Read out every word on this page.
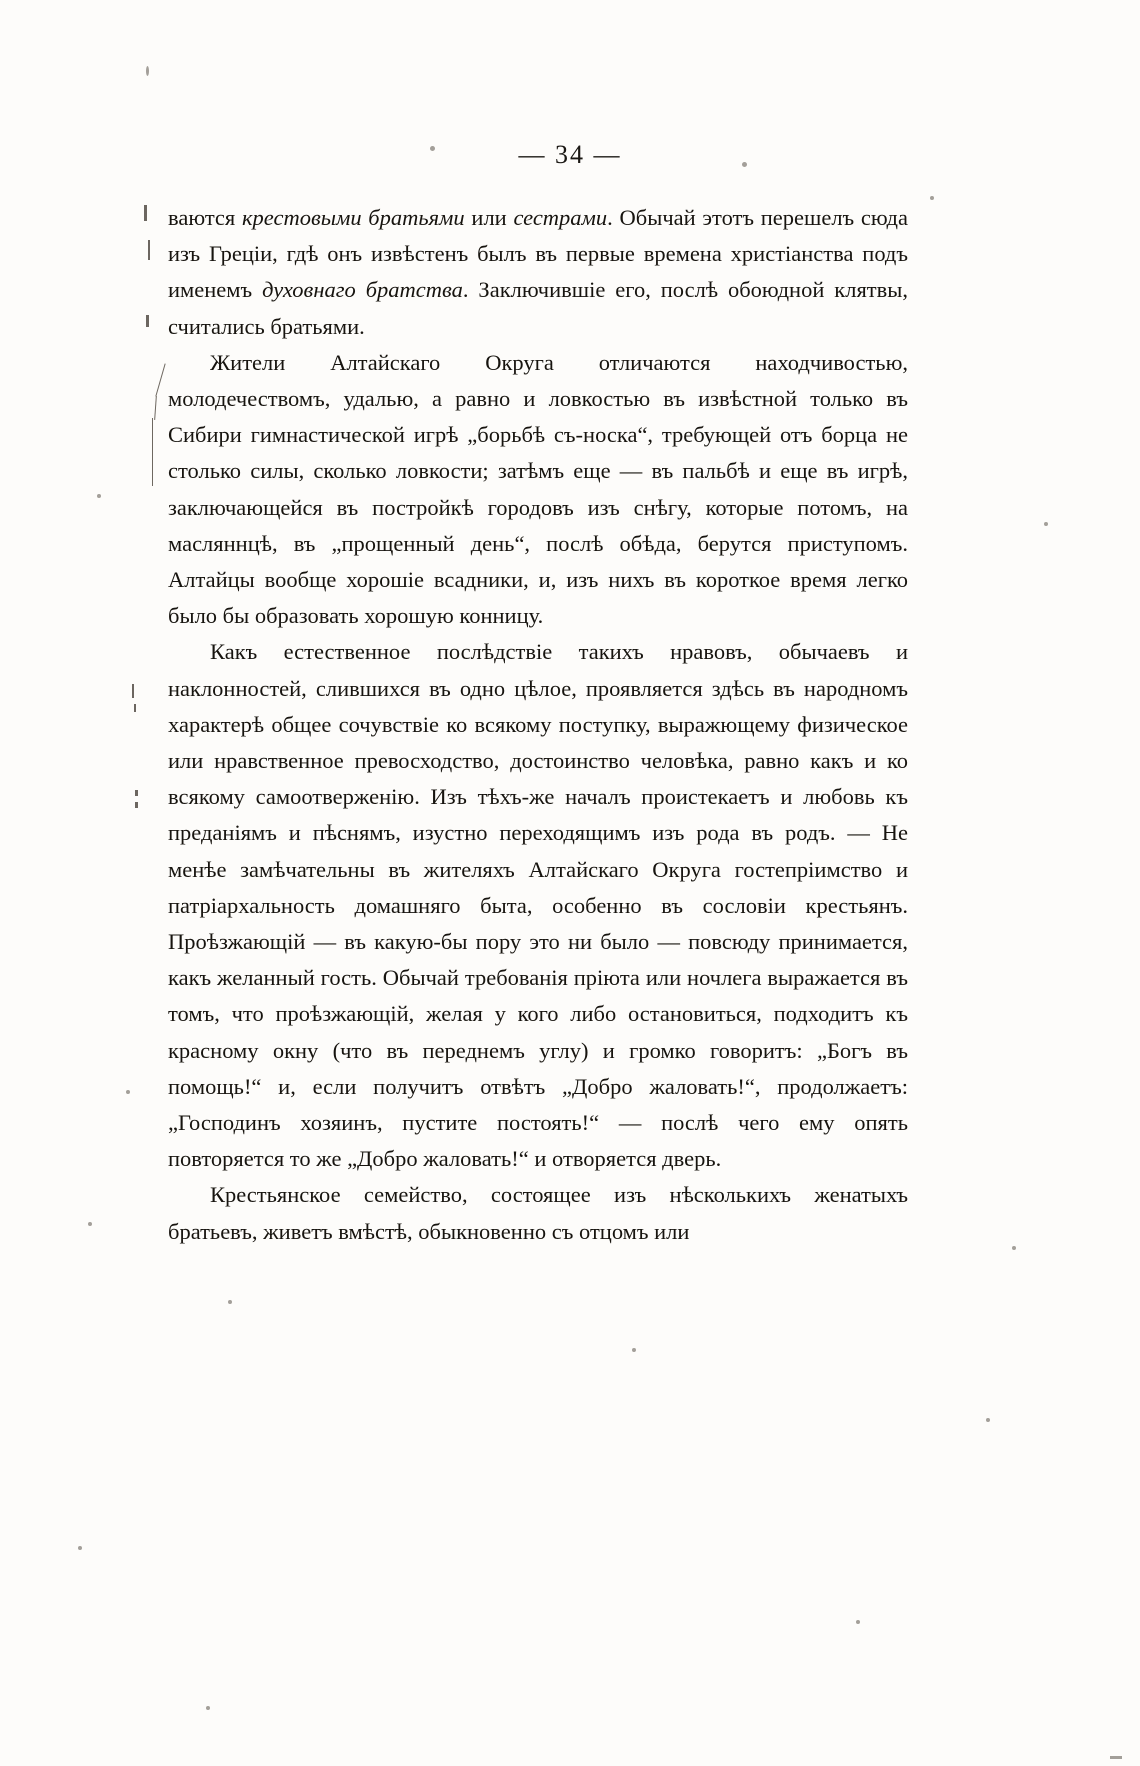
— 34 —

ваются крестовыми братьями или сестрами. Обычай этотъ перешелъ сюда изъ Греціи, гдѣ онъ извѣстенъ былъ въ первые времена христіанства подъ именемъ духовнаго братства. Заключившіе его, послѣ обоюдной клятвы, считались братьями.

Жители Алтайскаго Округа отличаются находчивостью, молодечествомъ, удалью, а равно и ловкостью въ извѣстной только въ Сибири гимнастической игрѣ „борьбѣ съ-носка“, требующей отъ борца не столько силы, сколько ловкости; затѣмъ еще — въ пальбѣ и еще въ игрѣ, заключающейся въ постройкѣ городовъ изъ снѣгу, которые потомъ, на масляннцѣ, въ „прощенный день“, послѣ обѣда, берутся приступомъ. Алтайцы вообще хорошіе всадники, и, изъ нихъ въ короткое время легко было бы образовать хорошую конницу.

Какъ естественное послѣдствіе такихъ нравовъ, обычаевъ и наклонностей, слившихся въ одно цѣлое, проявляется здѣсь въ народномъ характерѣ общее сочувствіе ко всякому поступку, выражющему физическое или нравственное превосходство, достоинство человѣка, равно какъ и ко всякому самоотверженію. Изъ тѣхъ-же началъ проистекаетъ и любовь къ преданіямъ и пѣснямъ, изустно переходящимъ изъ рода въ родъ. — Не менѣе замѣчательны въ жителяхъ Алтайскаго Округа гостепріимство и патріархальность домашняго быта, особенно въ сословіи крестьянъ. Проѣзжающій — въ какую-бы пору это ни было — повсюду принимается, какъ желанный гость. Обычай требованія пріюта или ночлега выражается въ томъ, что проѣзжающій, желая у кого либо остановиться, подходитъ къ красному окну (что въ переднемъ углу) и громко говоритъ: „Богъ въ помощь!“ и, если получитъ отвѣтъ „Добро жаловать!“, продолжаетъ: „Господинъ хозяинъ, пустите постоять!“ — послѣ чего ему опять повторяется то же „Добро жаловать!“ и отворяется дверь.

Крестьянское семейство, состоящее изъ нѣсколькихъ женатыхъ братьевъ, живетъ вмѣстѣ, обыкновенно съ отцомъ или
